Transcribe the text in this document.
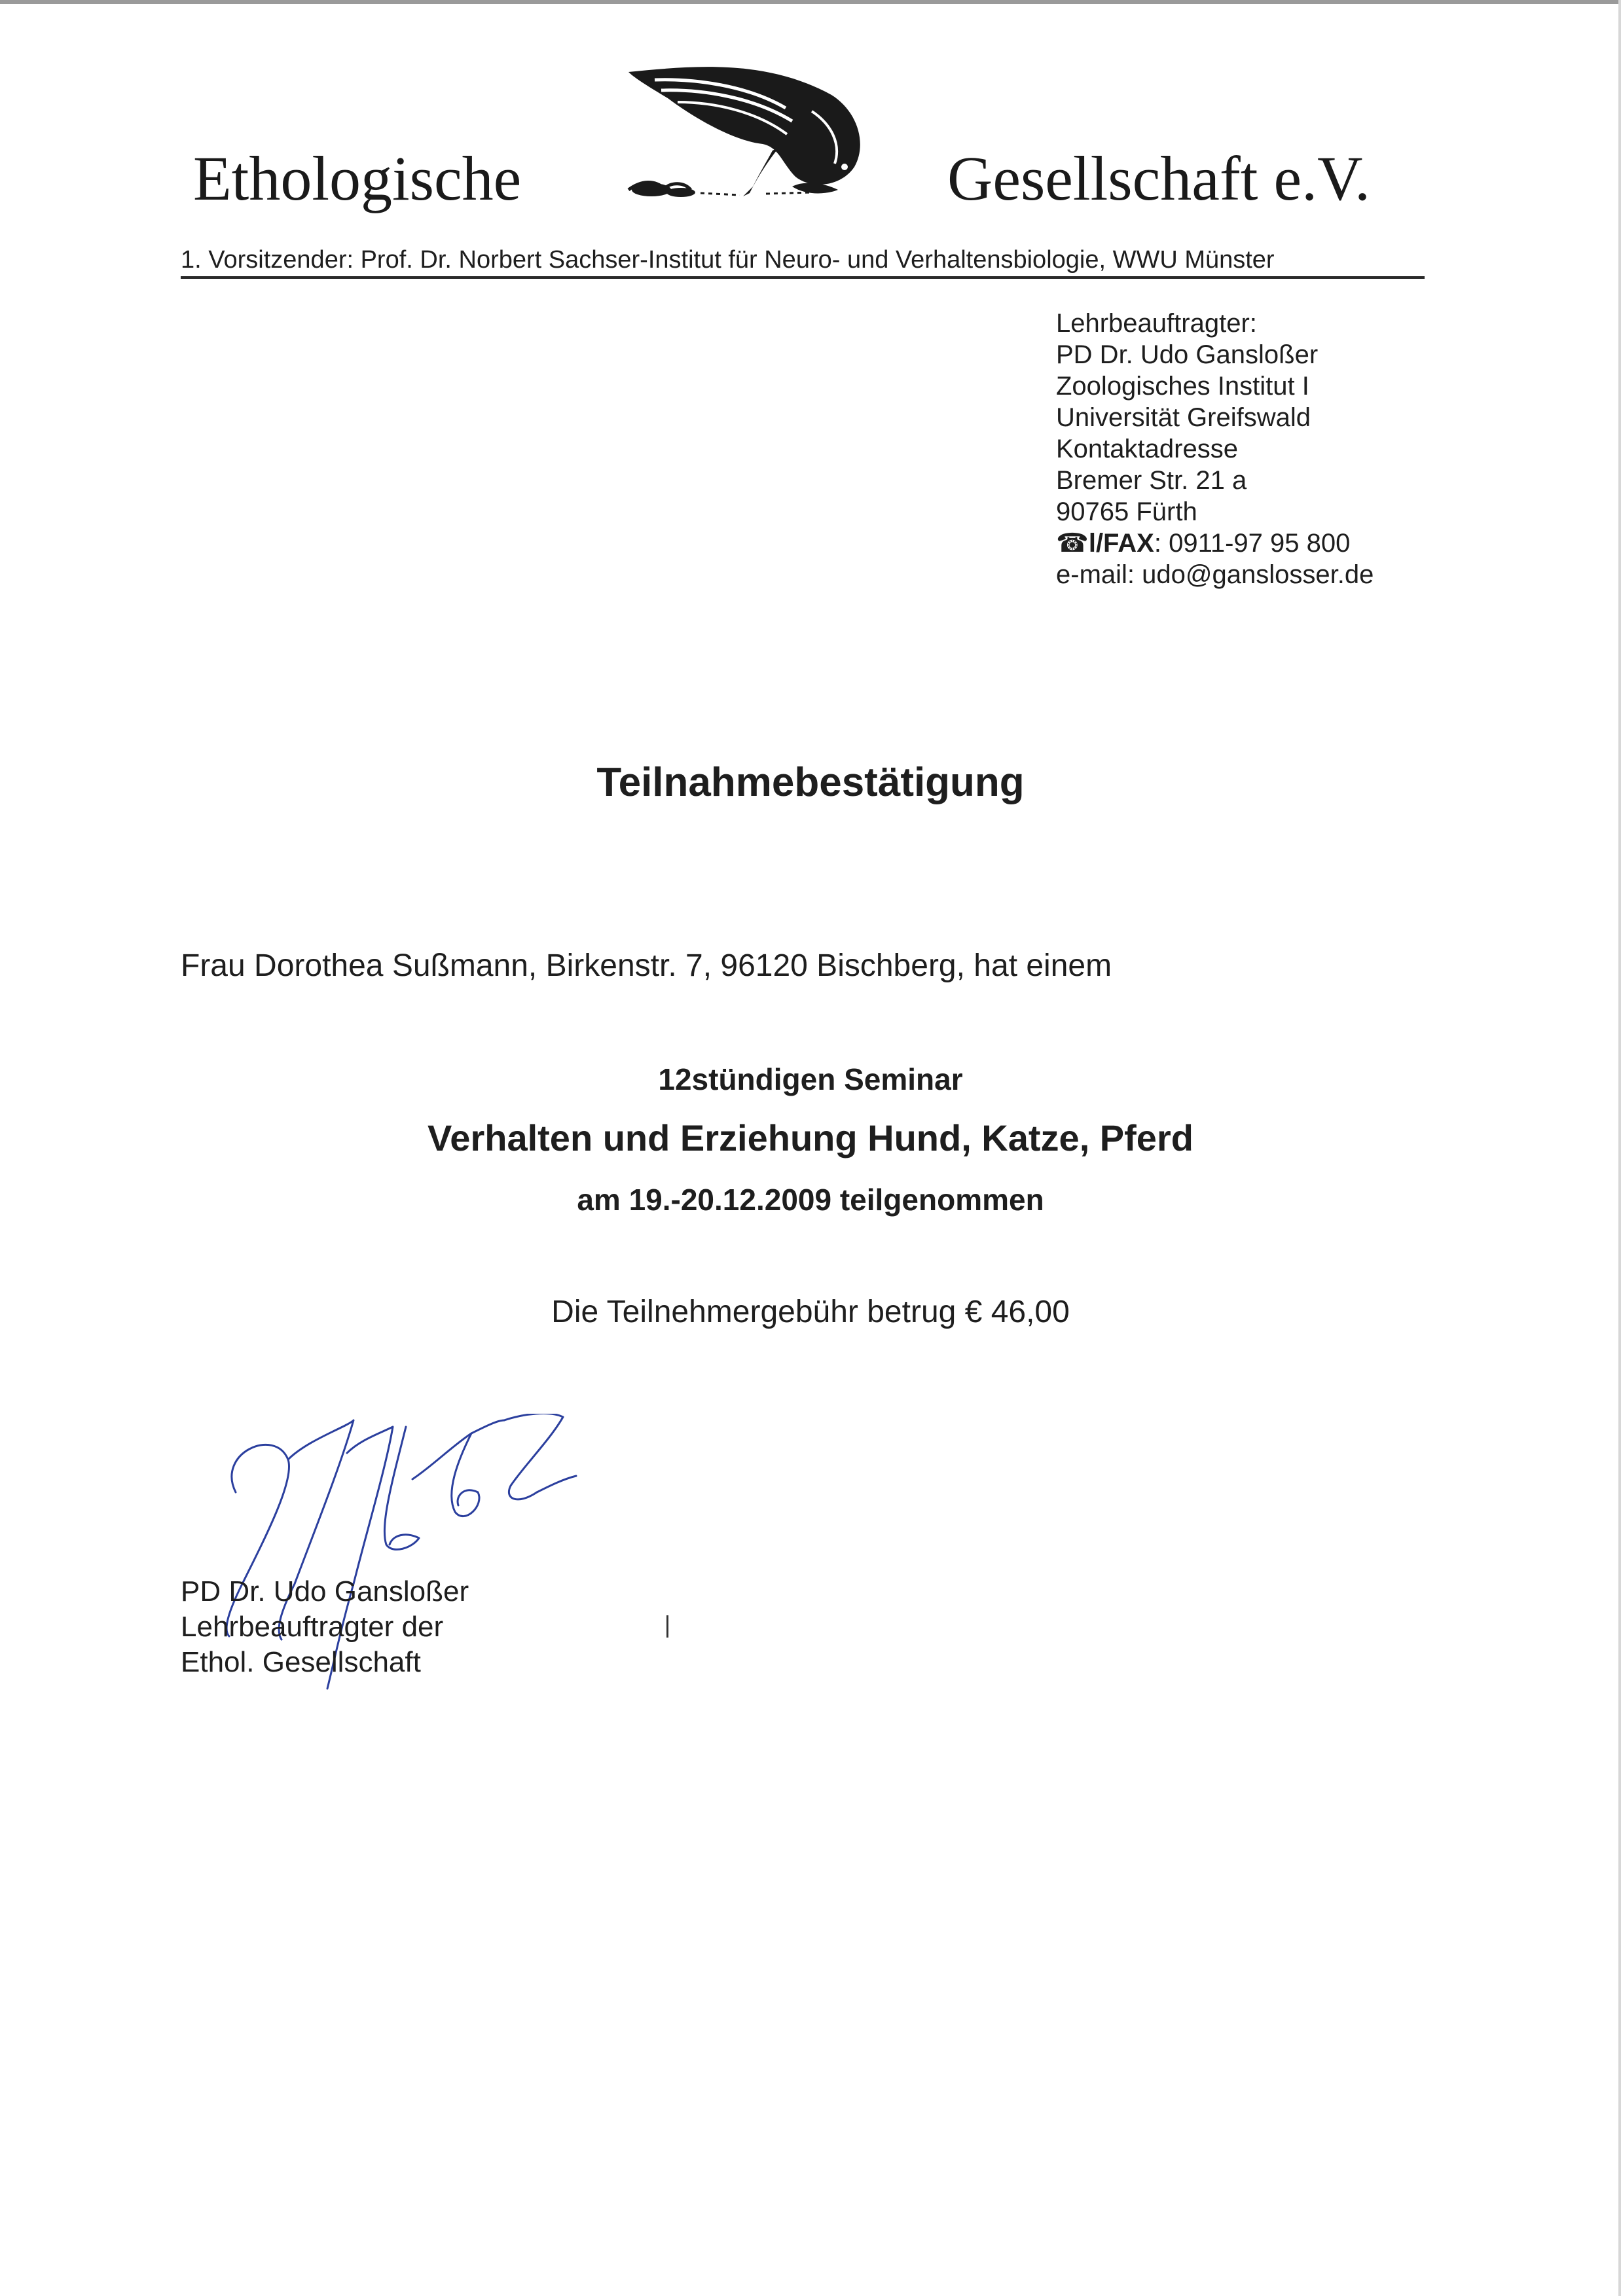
Ethologische	Gesellschaft e.V.
1. Vorsitzender: Prof. Dr. Norbert Sachser-Institut für Neuro- und Verhaltensbiologie, WWU Münster
Lehrbeauftragter:
PD Dr. Udo Gansloßer
Zoologisches Institut I
Universität Greifswald
Kontaktadresse
Bremer Str. 21 a
90765 Fürth
☎l/FAX: 0911-97 95 800
e-mail: udo@ganslosser.de
Teilnahmebestätigung
Frau Dorothea Sußmann, Birkenstr. 7, 96120 Bischberg, hat einem
12stündigen Seminar
Verhalten und Erziehung Hund, Katze, Pferd
am 19.-20.12.2009 teilgenommen
Die Teilnehmergebühr betrug € 46,00
PD Dr. Udo Gansloßer
Lehrbeauftragter der
Ethol. Gesellschaft
